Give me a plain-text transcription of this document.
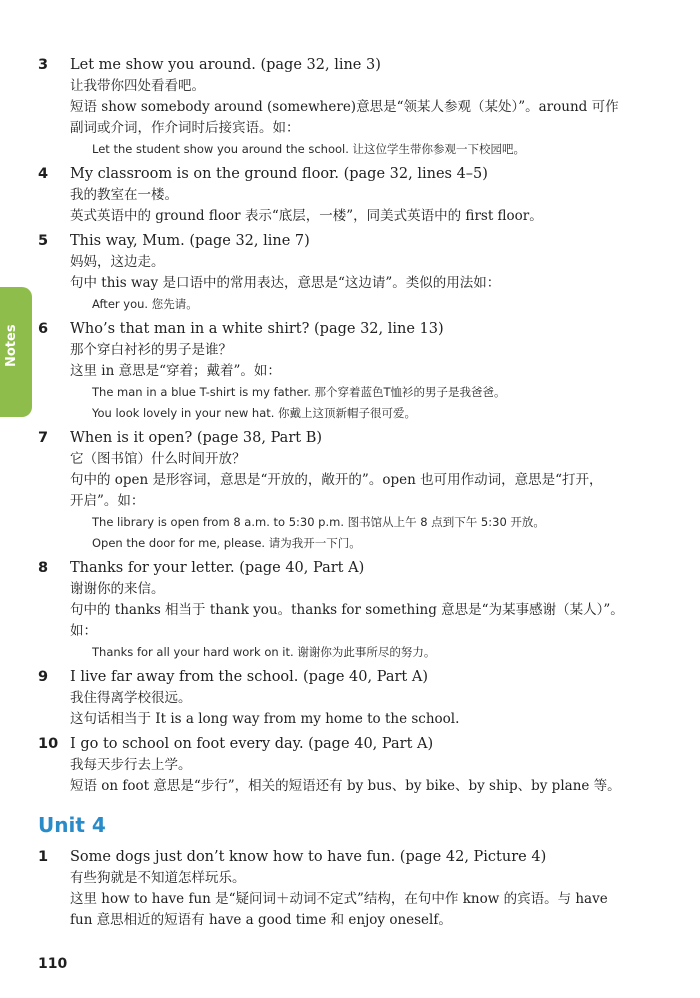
Notes
3	Let me show you around. (page 32, line 3)
让我带你四处看看吧。
短语 show somebody around (somewhere)意思是“领某人参观（某处）”。around 可作
副词或介词，作介词时后接宾语。如：
Let the student show you around the school. 让这位学生带你参观一下校园吧。
4	My classroom is on the ground floor. (page 32, lines 4–5)
我的教室在一楼。
英式英语中的 ground floor 表示“底层，一楼”，同美式英语中的 first floor。
5	This way, Mum. (page 32, line 7)
妈妈，这边走。
句中 this way 是口语中的常用表达，意思是“这边请”。类似的用法如：
After you. 您先请。
6	Who’s that man in a white shirt? (page 32, line 13)
那个穿白衬衫的男子是谁？
这里 in 意思是“穿着；戴着”。如：
The man in a blue T-shirt is my father. 那个穿着蓝色T恤衫的男子是我爸爸。
You look lovely in your new hat. 你戴上这顶新帽子很可爱。
7	When is it open? (page 38, Part B)
它（图书馆）什么时间开放？
句中的 open 是形容词，意思是“开放的，敞开的”。open 也可用作动词，意思是“打开，
开启”。如：
The library is open from 8 a.m. to 5:30 p.m. 图书馆从上午 8 点到下午 5:30 开放。
Open the door for me, please. 请为我开一下门。
8	Thanks for your letter. (page 40, Part A)
谢谢你的来信。
句中的 thanks 相当于 thank you。thanks for something 意思是“为某事感谢（某人）”。
如：
Thanks for all your hard work on it. 谢谢你为此事所尽的努力。
9	I live far away from the school. (page 40, Part A)
我住得离学校很远。
这句话相当于 It is a long way from my home to the school.
10 I go to school on foot every day. (page 40, Part A)
我每天步行去上学。
短语 on foot 意思是“步行”，相关的短语还有 by bus、by bike、by ship、by plane 等。
Unit 4
1	Some dogs just don’t know how to have fun. (page 42, Picture 4)
有些狗就是不知道怎样玩乐。
这里 how to have fun 是“疑问词＋动词不定式”结构，在句中作 know 的宾语。与 have
fun 意思相近的短语有 have a good time 和 enjoy oneself。
110
